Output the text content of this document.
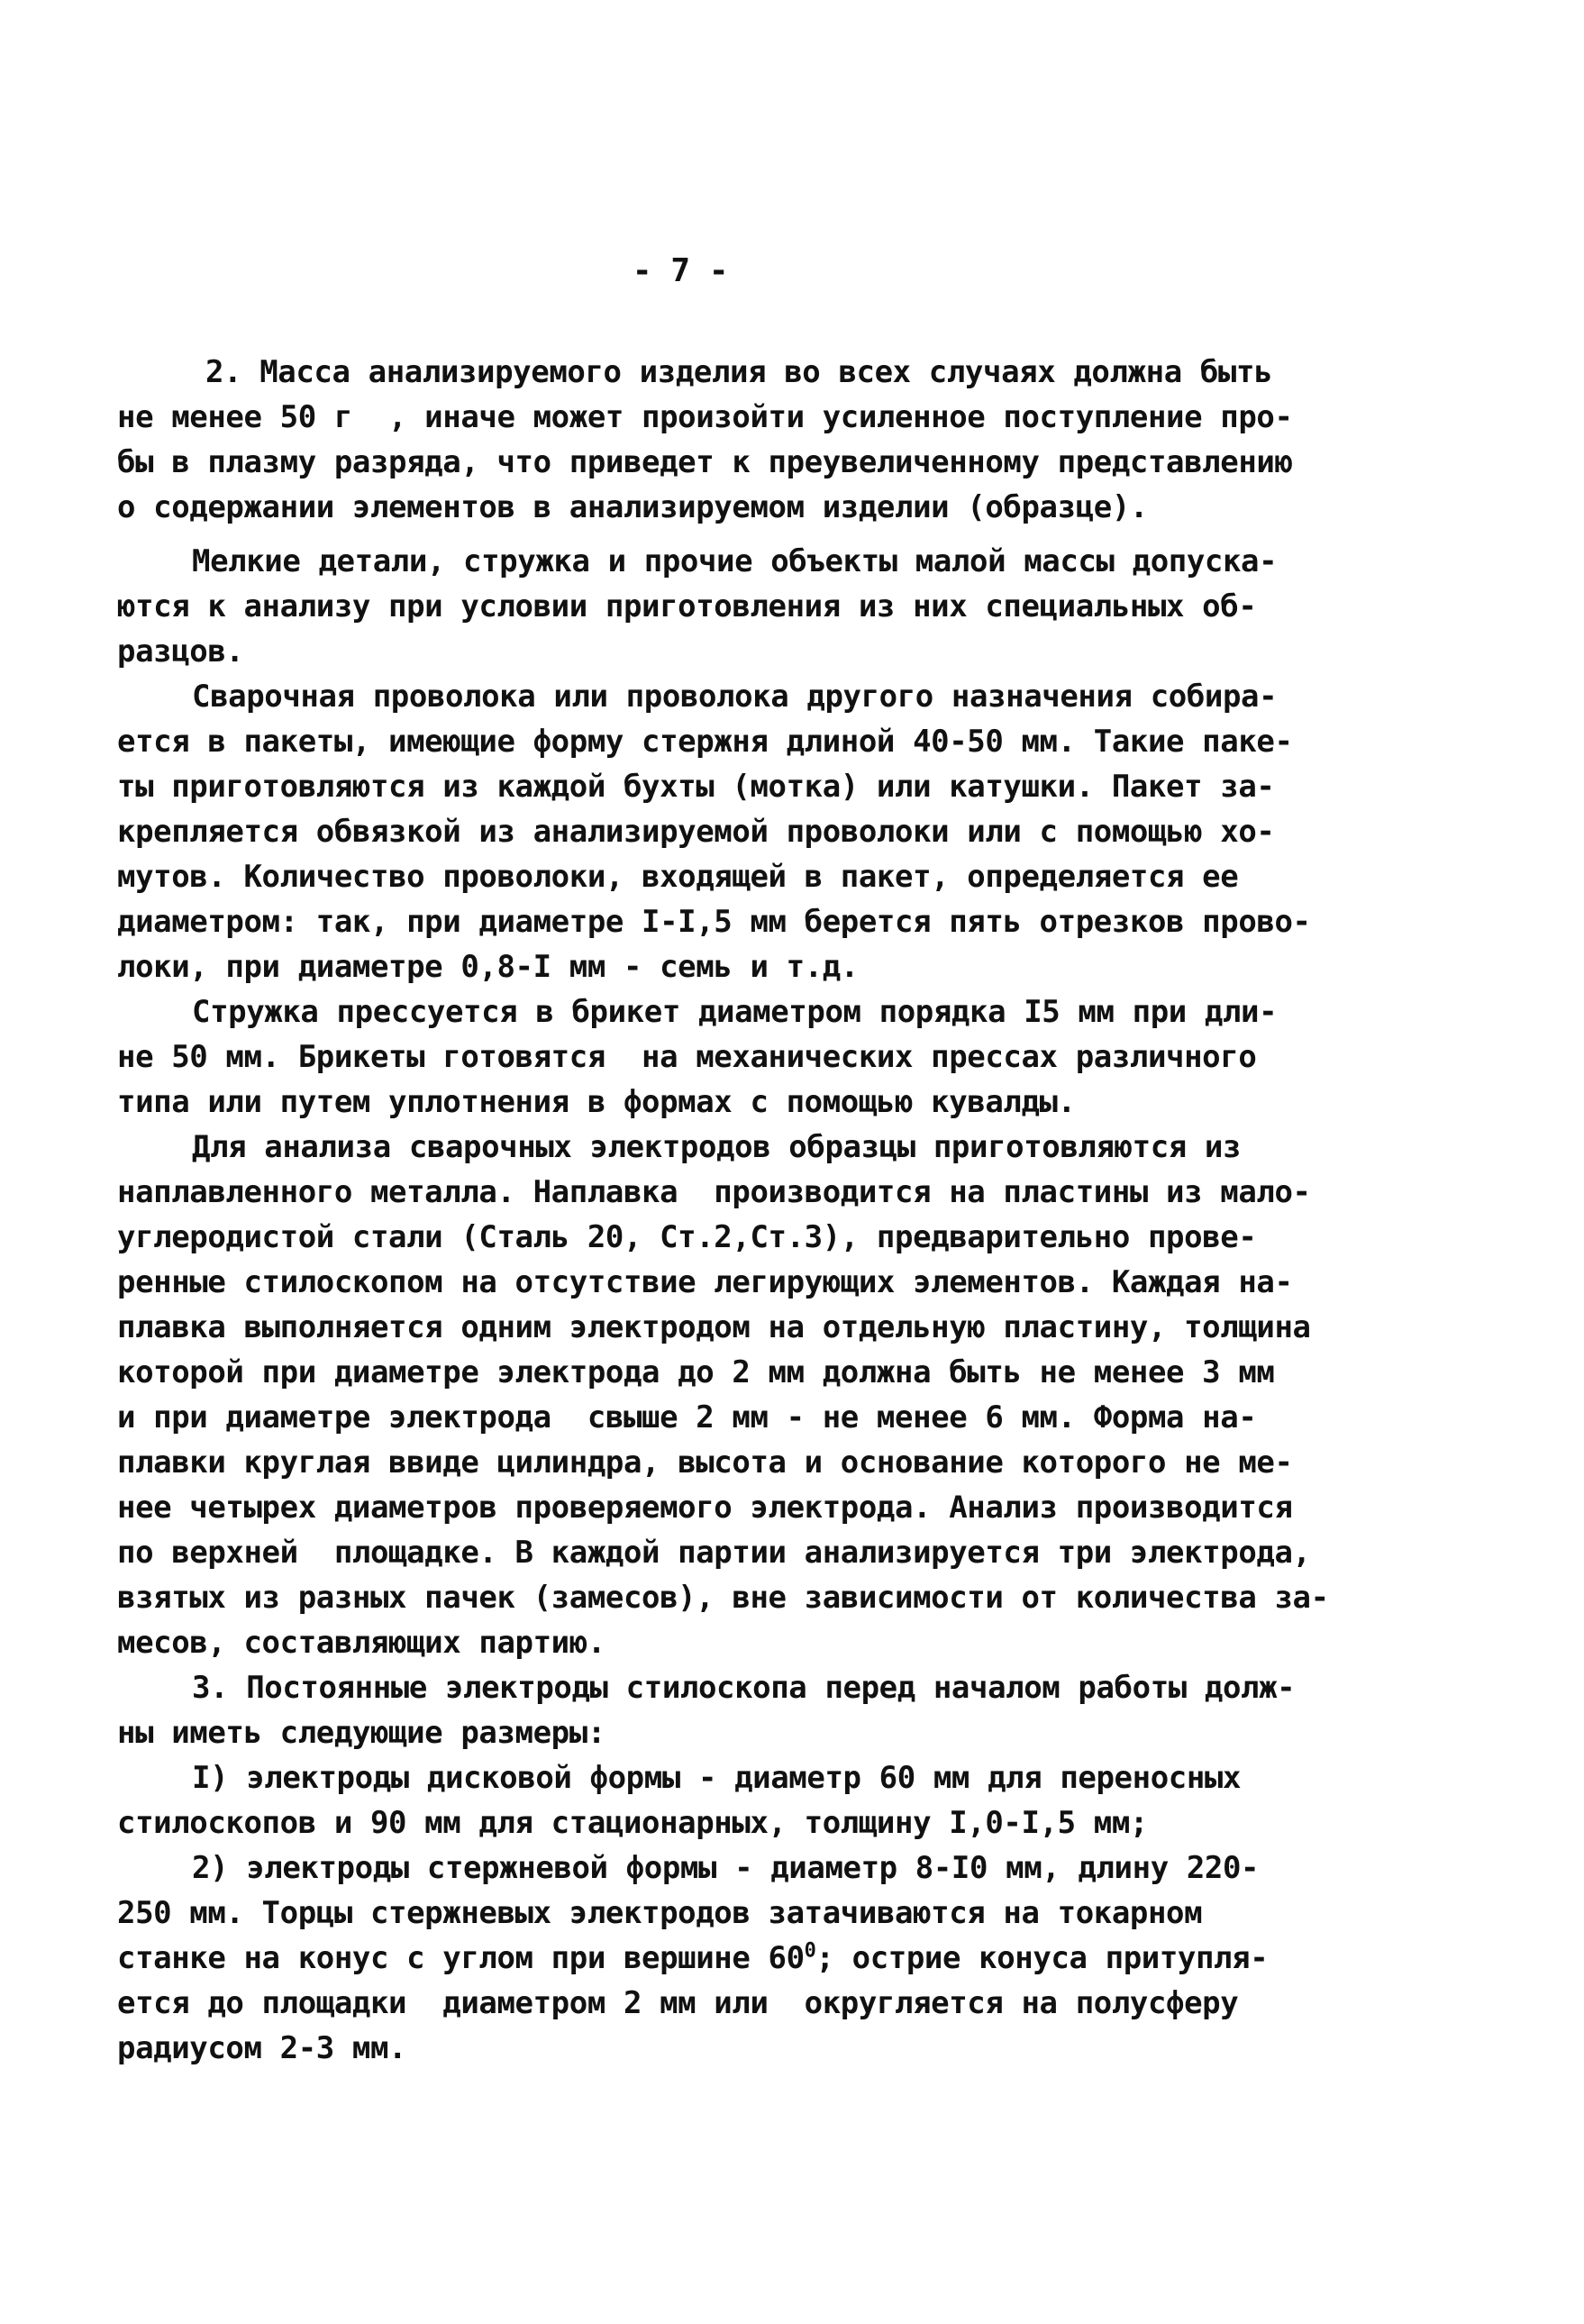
- 7 -
2. Масса анализируемого изделия во всех случаях должна быть
не менее 50 г  , иначе может произойти усиленное поступление про-
бы в плазму разряда, что приведет к преувеличенному представлению
о содержании элементов в анализируемом изделии (образце).
Мелкие детали, стружка и прочие объекты малой массы допуска-
ются к анализу при условии приготовления из них специальных об-
разцов.
Сварочная проволока или проволока другого назначения собира-
ется в пакеты, имеющие форму стержня длиной 40-50 мм. Такие паке-
ты приготовляются из каждой бухты (мотка) или катушки. Пакет за-
крепляется обвязкой из анализируемой проволоки или с помощью хо-
мутов. Количество проволоки, входящей в пакет, определяется ее
диаметром: так, при диаметре I-I,5 мм берется пять отрезков прово-
локи, при диаметре 0,8-I мм - семь и т.д.
Стружка прессуется в брикет диаметром порядка I5 мм при дли-
не 50 мм. Брикеты готовятся  на механических прессах различного
типа или путем уплотнения в формах с помощью кувалды.
Для анализа сварочных электродов образцы приготовляются из
наплавленного металла. Наплавка  производится на пластины из мало-
углеродистой стали (Сталь 20, Ст.2,Ст.3), предварительно прове-
ренные стилоскопом на отсутствие легирующих элементов. Каждая на-
плавка выполняется одним электродом на отдельную пластину, толщина
которой при диаметре электрода до 2 мм должна быть не менее 3 мм
и при диаметре электрода  свыше 2 мм - не менее 6 мм. Форма на-
плавки круглая ввиде цилиндра, высота и основание которого не ме-
нее четырех диаметров проверяемого электрода. Анализ производится
по верхней  площадке. В каждой партии анализируется три электрода,
взятых из разных пачек (замесов), вне зависимости от количества за-
месов, составляющих партию.
3. Постоянные электроды стилоскопа перед началом работы долж-
ны иметь следующие размеры:
I) электроды дисковой формы - диаметр 60 мм для переносных
стилоскопов и 90 мм для стационарных, толщину I,0-I,5 мм;
2) электроды стержневой формы - диаметр 8-I0 мм, длину 220-
250 мм. Торцы стержневых электродов затачиваются на токарном
станке на конус с углом при вершине $60^0$; острие конуса притупля-
ется до площадки  диаметром 2 мм или  округляется на полусферу
радиусом 2-3 мм.
